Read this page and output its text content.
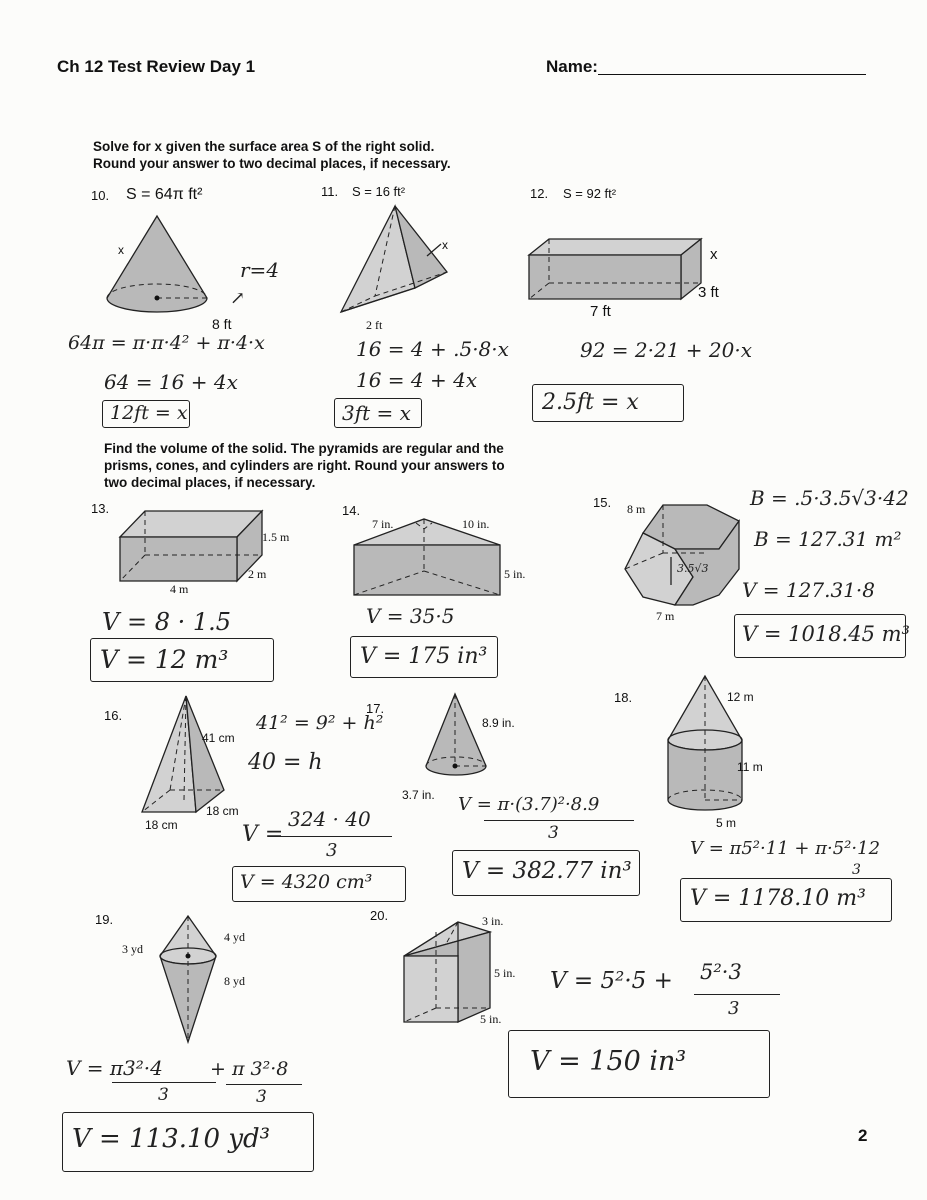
Ch 12 Test Review Day 1	Name:
Solve for x given the surface area S of the right solid.
Round your answer to two decimal places, if necessary.
10. S = 64π ft²
x
8 ft
r=4
↗
64π = π·π·4² + π·4·x
64 = 16 + 4x
12ft = x
11. S = 16 ft²
x
2 ft
16 = 4 + .5·8·x
16 = 4 + 4x
3ft = x
12. S = 92 ft²
x
3 ft
7 ft
92 = 2·21 + 20·x
2.5ft = x
Find the volume of the solid. The pyramids are regular and the
prisms, cones, and cylinders are right. Round your answers to
two decimal places, if necessary.
13.
1.5 m
2 m
4 m
V = 8 · 1.5
V = 12 m³
14.
7 in.	10 in.
5 in.
V = 35·5
V = 175 in³
15. 8 m
3.5√3
7 m
B = .5·3.5√3·42
B = 127.31 m²
V = 127.31·8
V = 1018.45 m³
16.
41 cm
18 cm
18 cm
41² = 9² + h²
40 = h
V =
324 · 40
3
V = 4320 cm³
17.
8.9 in.
3.7 in. V = π·(3.7)²·8.9
3
V = 382.77 in³
18.	12 m
11 m
5 m
V = π5²·11 + π·5²·12
3
V = 1178.10 m³
19.
3 yd
4 yd
8 yd
V = π3²·4
3
+ π 3²·8
3
V = 113.10 yd³
20.	3 in.
5 in.
5 in.
V = 5²·5 + 5²·3
3
V = 150 in³
2
